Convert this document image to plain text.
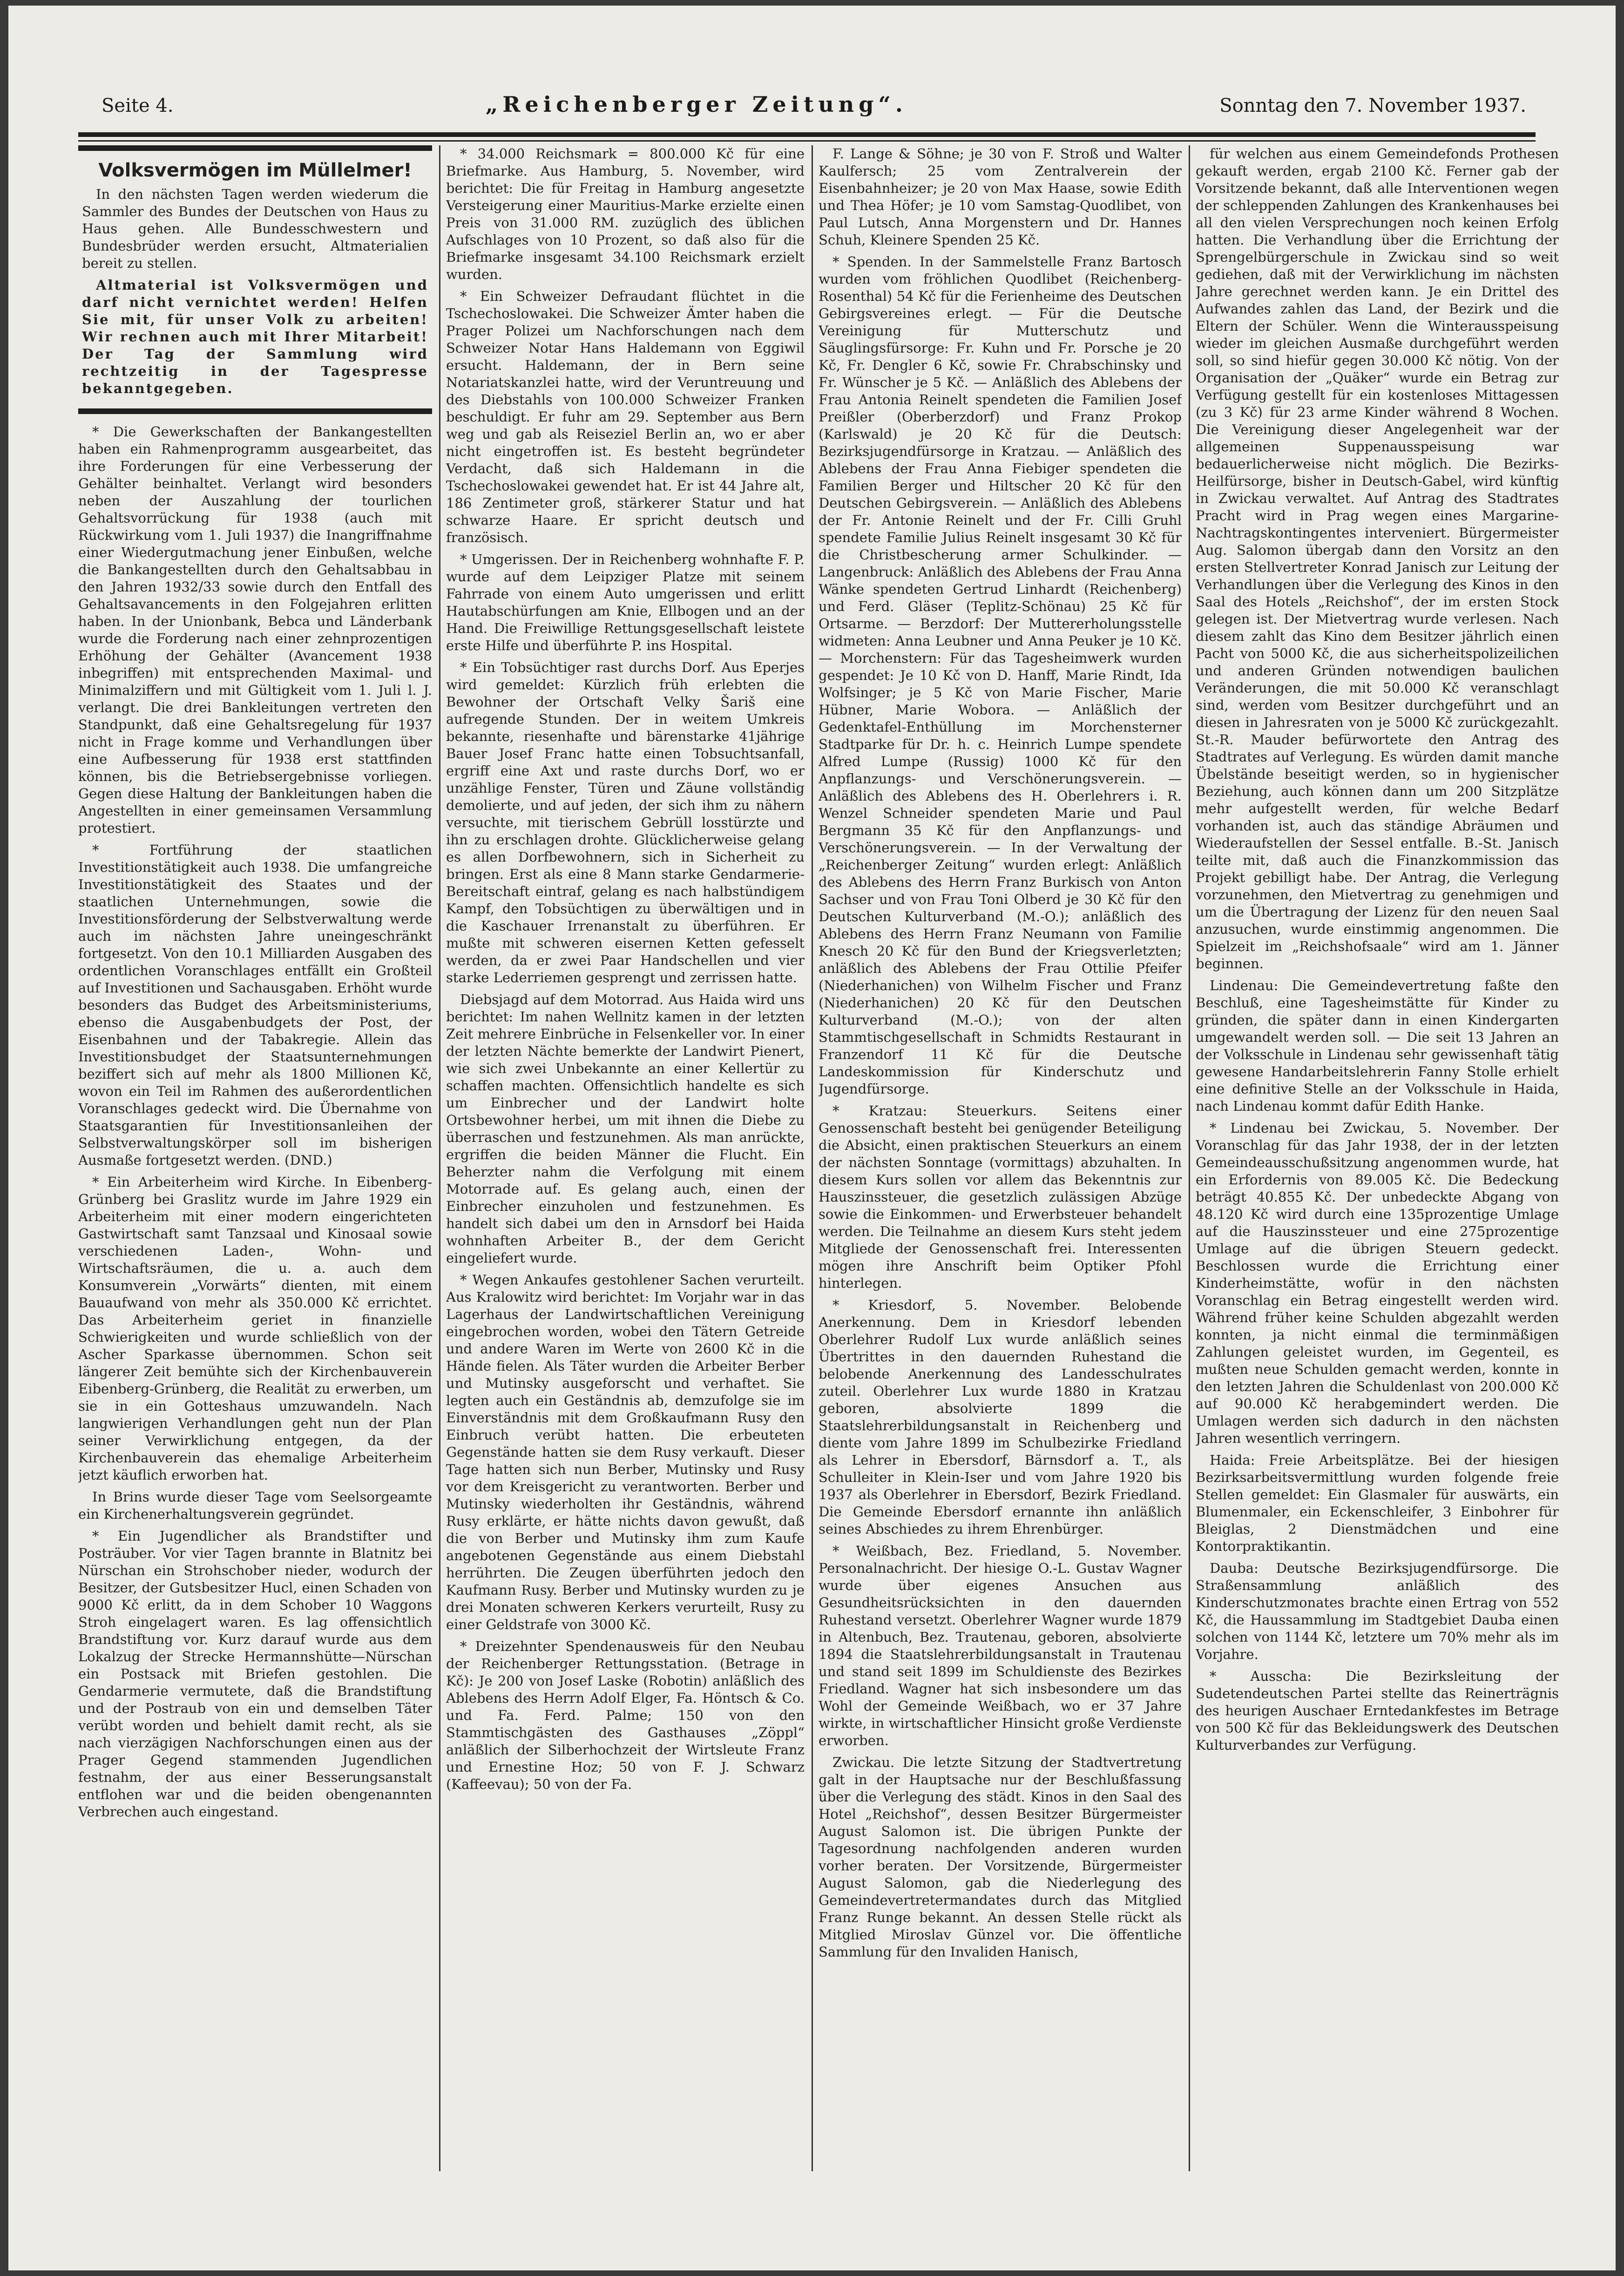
Seite 4.	„Reichenberger Zeitung“.	Sonntag den 7. November 1937.
Volksvermögen im Müllelmer!

In den nächsten Tagen werden wiederum die Sammler des Bundes der Deutschen von Haus zu Haus gehen. Alle Bundesschwestern und Bundesbrüder werden ersucht, Altmaterialien bereit zu stellen.

Altmaterial ist Volksvermögen und darf nicht vernichtet werden! Helfen Sie mit, für unser Volk zu arbeiten! Wir rechnen auch mit Ihrer Mitarbeit! Der Tag der Sammlung wird rechtzeitig in der Tagespresse bekanntgegeben.

* Die Gewerkschaften der Bankangestellten haben ein Rahmenprogramm ausgearbeitet, das ihre Forderungen für eine Verbesserung der Gehälter beinhaltet. Verlangt wird besonders neben der Auszahlung der tourlichen Gehaltsvorrückung für 1938 (auch mit Rückwirkung vom 1. Juli 1937) die Inangriffnahme einer Wiedergutmachung jener Einbußen, welche die Bankangestellten durch den Gehaltsabbau in den Jahren 1932/33 sowie durch den Entfall des Gehaltsavancements in den Folgejahren erlitten haben. In der Unionbank, Bebca und Länderbank wurde die Forderung nach einer zehnprozentigen Erhöhung der Gehälter (Avancement 1938 inbegriffen) mit entsprechenden Maximal- und Minimalziffern und mit Gültigkeit vom 1. Juli l. J. verlangt. Die drei Bankleitungen vertreten den Standpunkt, daß eine Gehaltsregelung für 1937 nicht in Frage komme und Verhandlungen über eine Aufbesserung für 1938 erst stattfinden können, bis die Betriebsergebnisse vorliegen. Gegen diese Haltung der Bankleitungen haben die Angestellten in einer gemeinsamen Versammlung protestiert.

* Fortführung der staatlichen Investitionstätigkeit auch 1938. Die umfangreiche Investitionstätigkeit des Staates und der staatlichen Unternehmungen, sowie die Investitionsförderung der Selbstverwaltung werde auch im nächsten Jahre uneingeschränkt fortgesetzt. Von den 10.1 Milliarden Ausgaben des ordentlichen Voranschlages entfällt ein Großteil auf Investitionen und Sachausgaben. Erhöht wurde besonders das Budget des Arbeitsministeriums, ebenso die Ausgabenbudgets der Post, der Eisenbahnen und der Tabakregie. Allein das Investitionsbudget der Staatsunternehmungen beziffert sich auf mehr als 1800 Millionen Kč, wovon ein Teil im Rahmen des außerordentlichen Voranschlages gedeckt wird. Die Übernahme von Staatsgarantien für Investitionsanleihen der Selbstverwaltungskörper soll im bisherigen Ausmaße fortgesetzt werden. (DND.)

* Ein Arbeiterheim wird Kirche. In Eibenberg-Grünberg bei Graslitz wurde im Jahre 1929 ein Arbeiterheim mit einer modern eingerichteten Gastwirtschaft samt Tanzsaal und Kinosaal sowie verschiedenen Laden-, Wohn- und Wirtschaftsräumen, die u. a. auch dem Konsumverein „Vorwärts“ dienten, mit einem Bauaufwand von mehr als 350.000 Kč errichtet. Das Arbeiterheim geriet in finanzielle Schwierigkeiten und wurde schließlich von der Ascher Sparkasse übernommen. Schon seit längerer Zeit bemühte sich der Kirchenbauverein Eibenberg-Grünberg, die Realität zu erwerben, um sie in ein Gotteshaus umzuwandeln. Nach langwierigen Verhandlungen geht nun der Plan seiner Verwirklichung entgegen, da der Kirchenbauverein das ehemalige Arbeiterheim jetzt käuflich erworben hat.

In Brins wurde dieser Tage vom Seelsorgeamte ein Kirchenerhaltungsverein gegründet.

* Ein Jugendlicher als Brandstifter und Posträuber. Vor vier Tagen brannte in Blatnitz bei Nürschan ein Strohschober nieder, wodurch der Besitzer, der Gutsbesitzer Hucl, einen Schaden von 9000 Kč erlitt, da in dem Schober 10 Waggons Stroh eingelagert waren. Es lag offensichtlich Brandstiftung vor. Kurz darauf wurde aus dem Lokalzug der Strecke Hermannshütte—Nürschan ein Postsack mit Briefen gestohlen. Die Gendarmerie vermutete, daß die Brandstiftung und der Postraub von ein und demselben Täter verübt worden und behielt damit recht, als sie nach vierzägigen Nachforschungen einen aus der Prager Gegend stammenden Jugendlichen festnahm, der aus einer Besserungsanstalt entflohen war und die beiden obengenannten Verbrechen auch eingestand.

* 34.000 Reichsmark = 800.000 Kč für eine Briefmarke. Aus Hamburg, 5. November, wird berichtet: Die für Freitag in Hamburg angesetzte Versteigerung einer Mauritius-Marke erzielte einen Preis von 31.000 RM. zuzüglich des üblichen Aufschlages von 10 Prozent, so daß also für die Briefmarke insgesamt 34.100 Reichsmark erzielt wurden.

* Ein Schweizer Defraudant flüchtet in die Tschechoslowakei. Die Schweizer Ämter haben die Prager Polizei um Nachforschungen nach dem Schweizer Notar Hans Haldemann von Eggiwil ersucht. Haldemann, der in Bern seine Notariatskanzlei hatte, wird der Veruntreuung und des Diebstahls von 100.000 Schweizer Franken beschuldigt. Er fuhr am 29. September aus Bern weg und gab als Reiseziel Berlin an, wo er aber nicht eingetroffen ist. Es besteht begründeter Verdacht, daß sich Haldemann in die Tschechoslowakei gewendet hat. Er ist 44 Jahre alt, 186 Zentimeter groß, stärkerer Statur und hat schwarze Haare. Er spricht deutsch und französisch.

* Umgerissen. Der in Reichenberg wohnhafte F. P. wurde auf dem Leipziger Platze mit seinem Fahrrade von einem Auto umgerissen und erlitt Hautabschürfungen am Knie, Ellbogen und an der Hand. Die Freiwillige Rettungsgesellschaft leistete erste Hilfe und überführte P. ins Hospital.

* Ein Tobsüchtiger rast durchs Dorf. Aus Eperjes wird gemeldet: Kürzlich früh erlebten die Bewohner der Ortschaft Velky Šariš eine aufregende Stunden. Der in weitem Umkreis bekannte, riesenhafte und bärenstarke 41jährige Bauer Josef Franc hatte einen Tobsuchtsanfall, ergriff eine Axt und raste durchs Dorf, wo er unzählige Fenster, Türen und Zäune vollständig demolierte, und auf jeden, der sich ihm zu nähern versuchte, mit tierischem Gebrüll losstürzte und ihn zu erschlagen drohte. Glücklicherweise gelang es allen Dorfbewohnern, sich in Sicherheit zu bringen. Erst als eine 8 Mann starke Gendarmerie-Bereitschaft eintraf, gelang es nach halbstündigem Kampf, den Tobsüchtigen zu überwältigen und in die Kaschauer Irrenanstalt zu überführen. Er mußte mit schweren eisernen Ketten gefesselt werden, da er zwei Paar Handschellen und vier starke Lederriemen gesprengt und zerrissen hatte.

Diebsjagd auf dem Motorrad. Aus Haida wird uns berichtet: Im nahen Wellnitz kamen in der letzten Zeit mehrere Einbrüche in Felsenkeller vor. In einer der letzten Nächte bemerkte der Landwirt Pienert, wie sich zwei Unbekannte an einer Kellertür zu schaffen machten. Offensichtlich handelte es sich um Einbrecher und der Landwirt holte Ortsbewohner herbei, um mit ihnen die Diebe zu überraschen und festzunehmen. Als man anrückte, ergriffen die beiden Männer die Flucht. Ein Beherzter nahm die Verfolgung mit einem Motorrade auf. Es gelang auch, einen der Einbrecher einzuholen und festzunehmen. Es handelt sich dabei um den in Arnsdorf bei Haida wohnhaften Arbeiter B., der dem Gericht eingeliefert wurde.

* Wegen Ankaufes gestohlener Sachen verurteilt. Aus Kralowitz wird berichtet: Im Vorjahr war in das Lagerhaus der Landwirtschaftlichen Vereinigung eingebrochen worden, wobei den Tätern Getreide und andere Waren im Werte von 2600 Kč in die Hände fielen. Als Täter wurden die Arbeiter Berber und Mutinsky ausgeforscht und verhaftet. Sie legten auch ein Geständnis ab, demzufolge sie im Einverständnis mit dem Großkaufmann Rusy den Einbruch verübt hatten. Die erbeuteten Gegenstände hatten sie dem Rusy verkauft. Dieser Tage hatten sich nun Berber, Mutinsky und Rusy vor dem Kreisgericht zu verantworten. Berber und Mutinsky wiederholten ihr Geständnis, während Rusy erklärte, er hätte nichts davon gewußt, daß die von Berber und Mutinsky ihm zum Kaufe angebotenen Gegenstände aus einem Diebstahl herrührten. Die Zeugen überführten jedoch den Kaufmann Rusy. Berber und Mutinsky wurden zu je drei Monaten schweren Kerkers verurteilt, Rusy zu einer Geldstrafe von 3000 Kč.

* Dreizehnter Spendenausweis für den Neubau der Reichenberger Rettungsstation. (Betrage in Kč): Je 200 von Josef Laske (Robotin) anläßlich des Ablebens des Herrn Adolf Elger, Fa. Höntsch & Co. und Fa. Ferd. Palme; 150 von den Stammtischgästen des Gasthauses „Zöppl“ anläßlich der Silberhochzeit der Wirtsleute Franz und Ernestine Hoz; 50 von F. J. Schwarz (Kaffeevau); 50 von der Fa.

F. Lange & Söhne; je 30 von F. Stroß und Walter Kaulfersch; 25 vom Zentralverein der Eisenbahnheizer; je 20 von Max Haase, sowie Edith und Thea Höfer; je 10 vom Samstag-Quodlibet, von Paul Lutsch, Anna Morgenstern und Dr. Hannes Schuh, Kleinere Spenden 25 Kč.

* Spenden. In der Sammelstelle Franz Bartosch wurden vom fröhlichen Quodlibet (Reichenberg-Rosenthal) 54 Kč für die Ferienheime des Deutschen Gebirgsvereines erlegt. — Für die Deutsche Vereinigung für Mutterschutz und Säuglingsfürsorge: Fr. Kuhn und Fr. Porsche je 20 Kč, Fr. Dengler 6 Kč, sowie Fr. Chrabschinsky und Fr. Wünscher je 5 Kč. — Anläßlich des Ablebens der Frau Antonia Reinelt spendeten die Familien Josef Preißler (Oberberzdorf) und Franz Prokop (Karlswald) je 20 Kč für die Deutsch: Bezirksjugendfürsorge in Kratzau. — Anläßlich des Ablebens der Frau Anna Fiebiger spendeten die Familien Berger und Hiltscher 20 Kč für den Deutschen Gebirgsverein. — Anläßlich des Ablebens der Fr. Antonie Reinelt und der Fr. Cilli Gruhl spendete Familie Julius Reinelt insgesamt 30 Kč für die Christbescherung armer Schulkinder. — Langenbruck: Anläßlich des Ablebens der Frau Anna Wänke spendeten Gertrud Linhardt (Reichenberg) und Ferd. Gläser (Teplitz-Schönau) 25 Kč für Ortsarme. — Berzdorf: Der Muttererholungsstelle widmeten: Anna Leubner und Anna Peuker je 10 Kč. — Morchenstern: Für das Tagesheimwerk wurden gespendet: Je 10 Kč von D. Hanff, Marie Rindt, Ida Wolfsinger; je 5 Kč von Marie Fischer, Marie Hübner, Marie Wobora. — Anläßlich der Gedenktafel-Enthüllung im Morchensterner Stadtparke für Dr. h. c. Heinrich Lumpe spendete Alfred Lumpe (Russig) 1000 Kč für den Anpflanzungs- und Verschönerungsverein. — Anläßlich des Ablebens des H. Oberlehrers i. R. Wenzel Schneider spendeten Marie und Paul Bergmann 35 Kč für den Anpflanzungs- und Verschönerungsverein. — In der Verwaltung der „Reichenberger Zeitung“ wurden erlegt: Anläßlich des Ablebens des Herrn Franz Burkisch von Anton Sachser und von Frau Toni Olberd je 30 Kč für den Deutschen Kulturverband (M.-O.); anläßlich des Ablebens des Herrn Franz Neumann von Familie Knesch 20 Kč für den Bund der Kriegsverletzten; anläßlich des Ablebens der Frau Ottilie Pfeifer (Niederhanichen) von Wilhelm Fischer und Franz (Niederhanichen) 20 Kč für den Deutschen Kulturverband (M.-O.); von der alten Stammtischgesellschaft in Schmidts Restaurant in Franzendorf 11 Kč für die Deutsche Landeskommission für Kinderschutz und Jugendfürsorge.

* Kratzau: Steuerkurs. Seitens einer Genossenschaft besteht bei genügender Beteiligung die Absicht, einen praktischen Steuerkurs an einem der nächsten Sonntage (vormittags) abzuhalten. In diesem Kurs sollen vor allem das Bekenntnis zur Hauszinssteuer, die gesetzlich zulässigen Abzüge sowie die Einkommen- und Erwerbsteuer behandelt werden. Die Teilnahme an diesem Kurs steht jedem Mitgliede der Genossenschaft frei. Interessenten mögen ihre Anschrift beim Optiker Pfohl hinterlegen.

* Kriesdorf, 5. November. Belobende Anerkennung. Dem in Kriesdorf lebenden Oberlehrer Rudolf Lux wurde anläßlich seines Übertrittes in den dauernden Ruhestand die belobende Anerkennung des Landesschulrates zuteil. Oberlehrer Lux wurde 1880 in Kratzau geboren, absolvierte 1899 die Staatslehrerbildungsanstalt in Reichenberg und diente vom Jahre 1899 im Schulbezirke Friedland als Lehrer in Ebersdorf, Bärnsdorf a. T., als Schulleiter in Klein-Iser und vom Jahre 1920 bis 1937 als Oberlehrer in Ebersdorf, Bezirk Friedland. Die Gemeinde Ebersdorf ernannte ihn anläßlich seines Abschiedes zu ihrem Ehrenbürger.

* Weißbach, Bez. Friedland, 5. November. Personalnachricht. Der hiesige O.-L. Gustav Wagner wurde über eigenes Ansuchen aus Gesundheitsrücksichten in den dauernden Ruhestand versetzt. Oberlehrer Wagner wurde 1879 in Altenbuch, Bez. Trautenau, geboren, absolvierte 1894 die Staatslehrerbildungsanstalt in Trautenau und stand seit 1899 im Schuldienste des Bezirkes Friedland. Wagner hat sich insbesondere um das Wohl der Gemeinde Weißbach, wo er 37 Jahre wirkte, in wirtschaftlicher Hinsicht große Verdienste erworben.

Zwickau. Die letzte Sitzung der Stadtvertretung galt in der Hauptsache nur der Beschlußfassung über die Verlegung des städt. Kinos in den Saal des Hotel „Reichshof“, dessen Besitzer Bürgermeister August Salomon ist. Die übrigen Punkte der Tagesordnung nachfolgenden anderen wurden vorher beraten. Der Vorsitzende, Bürgermeister August Salomon, gab die Niederlegung des Gemeindevertretermandates durch das Mitglied Franz Runge bekannt. An dessen Stelle rückt als Mitglied Miroslav Günzel vor. Die öffentliche Sammlung für den Invaliden Hanisch,

für welchen aus einem Gemeindefonds Prothesen gekauft werden, ergab 2100 Kč. Ferner gab der Vorsitzende bekannt, daß alle Interventionen wegen der schleppenden Zahlungen des Krankenhauses bei all den vielen Versprechungen noch keinen Erfolg hatten. Die Verhandlung über die Errichtung der Sprengelbürgerschule in Zwickau sind so weit gediehen, daß mit der Verwirklichung im nächsten Jahre gerechnet werden kann. Je ein Drittel des Aufwandes zahlen das Land, der Bezirk und die Eltern der Schüler. Wenn die Winterausspeisung wieder im gleichen Ausmaße durchgeführt werden soll, so sind hiefür gegen 30.000 Kč nötig. Von der Organisation der „Quäker“ wurde ein Betrag zur Verfügung gestellt für ein kostenloses Mittagessen (zu 3 Kč) für 23 arme Kinder während 8 Wochen. Die Vereinigung dieser Angelegenheit war der allgemeinen Suppenausspeisung war bedauerlicherweise nicht möglich. Die Bezirks-Heilfürsorge, bisher in Deutsch-Gabel, wird künftig in Zwickau verwaltet. Auf Antrag des Stadtrates Pracht wird in Prag wegen eines Margarine-Nachtragskontingentes interveniert. Bürgermeister Aug. Salomon übergab dann den Vorsitz an den ersten Stellvertreter Konrad Janisch zur Leitung der Verhandlungen über die Verlegung des Kinos in den Saal des Hotels „Reichshof“, der im ersten Stock gelegen ist. Der Mietvertrag wurde verlesen. Nach diesem zahlt das Kino dem Besitzer jährlich einen Pacht von 5000 Kč, die aus sicherheitspolizeilichen und anderen Gründen notwendigen baulichen Veränderungen, die mit 50.000 Kč veranschlagt sind, werden vom Besitzer durchgeführt und an diesen in Jahresraten von je 5000 Kč zurückgezahlt. St.-R. Mauder befürwortete den Antrag des Stadtrates auf Verlegung. Es würden damit manche Übelstände beseitigt werden, so in hygienischer Beziehung, auch können dann um 200 Sitzplätze mehr aufgestellt werden, für welche Bedarf vorhanden ist, auch das ständige Abräumen und Wiederaufstellen der Sessel entfalle. B.-St. Janisch teilte mit, daß auch die Finanzkommission das Projekt gebilligt habe. Der Antrag, die Verlegung vorzunehmen, den Mietvertrag zu genehmigen und um die Übertragung der Lizenz für den neuen Saal anzusuchen, wurde einstimmig angenommen. Die Spielzeit im „Reichshofsaale“ wird am 1. Jänner beginnen.

Lindenau: Die Gemeindevertretung faßte den Beschluß, eine Tagesheimstätte für Kinder zu gründen, die später dann in einen Kindergarten umgewandelt werden soll. — Die seit 13 Jahren an der Volksschule in Lindenau sehr gewissenhaft tätig gewesene Handarbeitslehrerin Fanny Stolle erhielt eine definitive Stelle an der Volksschule in Haida, nach Lindenau kommt dafür Edith Hanke.

* Lindenau bei Zwickau, 5. November. Der Voranschlag für das Jahr 1938, der in der letzten Gemeindeausschußsitzung angenommen wurde, hat ein Erfordernis von 89.005 Kč. Die Bedeckung beträgt 40.855 Kč. Der unbedeckte Abgang von 48.120 Kč wird durch eine 135prozentige Umlage auf die Hauszinssteuer und eine 275prozentige Umlage auf die übrigen Steuern gedeckt. Beschlossen wurde die Errichtung einer Kinderheimstätte, wofür in den nächsten Voranschlag ein Betrag eingestellt werden wird. Während früher keine Schulden abgezahlt werden konnten, ja nicht einmal die terminmäßigen Zahlungen geleistet wurden, im Gegenteil, es mußten neue Schulden gemacht werden, konnte in den letzten Jahren die Schuldenlast von 200.000 Kč auf 90.000 Kč herabgemindert werden. Die Umlagen werden sich dadurch in den nächsten Jahren wesentlich verringern.

Haida: Freie Arbeitsplätze. Bei der hiesigen Bezirksarbeitsvermittlung wurden folgende freie Stellen gemeldet: Ein Glasmaler für auswärts, ein Blumenmaler, ein Eckenschleifer, 3 Einbohrer für Bleiglas, 2 Dienstmädchen und eine Kontorpraktikantin.

Dauba: Deutsche Bezirksjugendfürsorge. Die Straßensammlung anläßlich des Kinderschutzmonates brachte einen Ertrag von 552 Kč, die Haussammlung im Stadtgebiet Dauba einen solchen von 1144 Kč, letztere um 70% mehr als im Vorjahre.

* Ausscha: Die Bezirksleitung der Sudetendeutschen Partei stellte das Reinerträgnis des heurigen Auschaer Erntedankfestes im Betrage von 500 Kč für das Bekleidungswerk des Deutschen Kulturverbandes zur Verfügung.
